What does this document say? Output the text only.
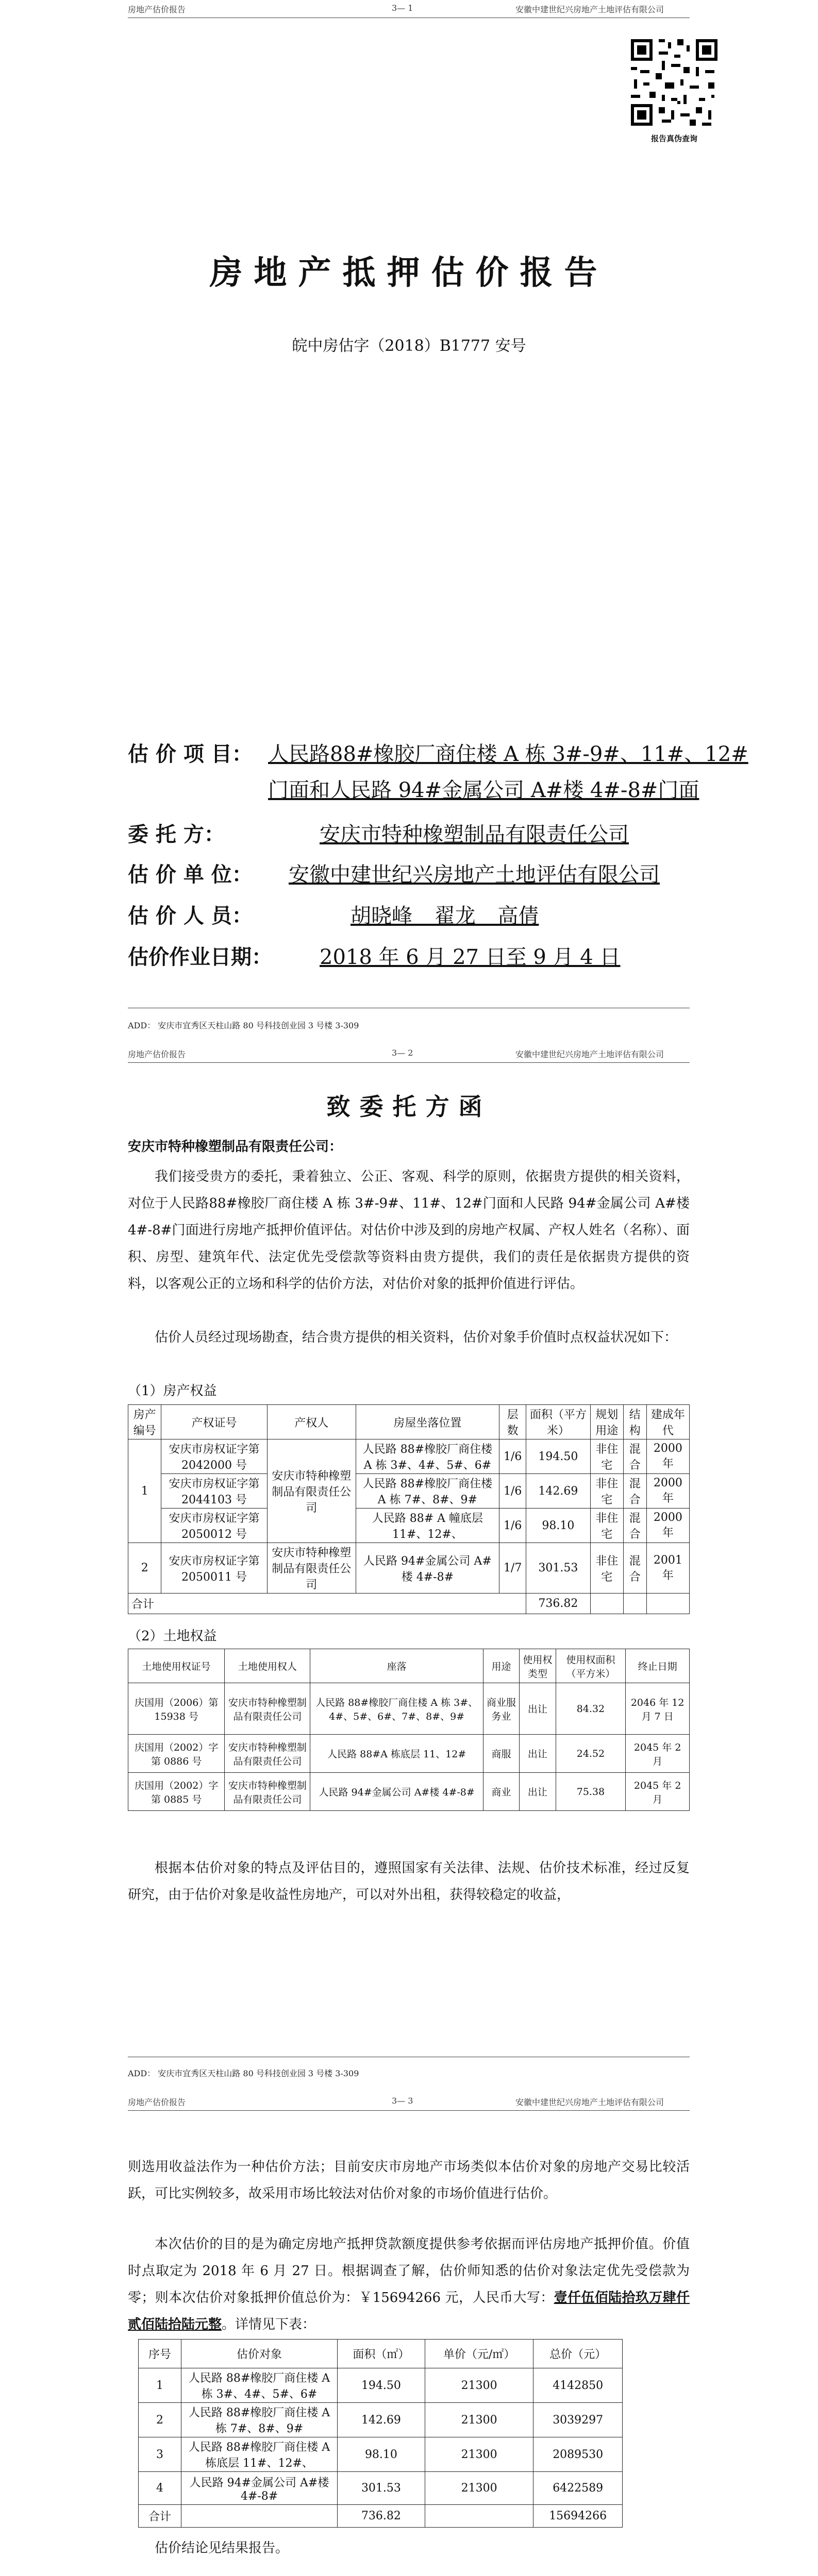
房地产估价报告	3— 1	安徽中建世纪兴房地产土地评估有限公司
报告真伪查询
房地产抵押估价报告
皖中房估字（2018）B1777 安号
估 价 项 目： 人民路88#橡胶厂商住楼 A 栋 3#-9#、11#、12#
门面和人民路 94#金属公司 A#楼 4#-8#门面
委 托 方：	安庆市特种橡塑制品有限责任公司
估 价 单 位： 安徽中建世纪兴房地产土地评估有限公司
估 价 人 员：	胡晓峰 翟龙 高倩
估价作业日期： 2018 年 6 月 27 日至 9 月 4 日
ADD： 安庆市宜秀区天柱山路 80 号科技创业园 3 号楼 3-309
房地产估价报告	3— 2	安徽中建世纪兴房地产土地评估有限公司
致委托方函
安庆市特种橡塑制品有限责任公司：
我们接受贵方的委托，秉着独立、公正、客观、科学的原则，依据贵方提供的相关资料，对位于人民路88#橡胶厂商住楼 A 栋 3#-9#、11#、12#门面和人民路 94#金属公司 A#楼 4#-8#门面进行房地产抵押价值评估。对估价中涉及到的房地产权属、产权人姓名（名称）、面积、房型、建筑年代、法定优先受偿款等资料由贵方提供，我们的责任是依据贵方提供的资料，以客观公正的立场和科学的估价方法，对估价对象的抵押价值进行评估。
估价人员经过现场勘查，结合贵方提供的相关资料，估价对象手价值时点权益状况如下：
（1）房产权益
房产编号	产权证号	产权人	房屋坐落位置	层数	面积（平方米）	规划用途	结构	建成年代
1	安庆市房权证字第 2042000 号	安庆市特种橡塑制品有限责任公司	人民路 88#橡胶厂商住楼 A 栋 3#、4#、5#、6#	1/6	194.50	非住宅	混合	2000 年
	安庆市房权证字第 2044103 号		人民路 88#橡胶厂商住楼 A 栋 7#、8#、9#	1/6	142.69	非住宅	混合	2000 年
	安庆市房权证字第 2050012 号		人民路 88# A 幢底层 11#、12#、	1/6	98.10	非住宅	混合	2000 年
2	安庆市房权证字第 2050011 号	安庆市特种橡塑制品有限责任公司	人民路 94#金属公司 A#楼 4#-8#	1/7	301.53	非住宅	混合	2001 年
合计					736.82			
（2）土地权益
土地使用权证号	土地使用权人	座落	用途	使用权类型	使用权面积（平方米）	终止日期
庆国用（2006）第 15938 号	安庆市特种橡塑制品有限责任公司	人民路 88#橡胶厂商住楼 A 栋 3#、4#、5#、6#、7#、8#、9#	商业服务业	出让	84.32	2046 年 12 月 7 日
庆国用（2002）字第 0886 号	安庆市特种橡塑制品有限责任公司	人民路 88#A 栋底层 11、12#	商服	出让	24.52	2045 年 2 月
庆国用（2002）字第 0885 号	安庆市特种橡塑制品有限责任公司	人民路 94#金属公司 A#楼 4#-8#	商业	出让	75.38	2045 年 2 月
根据本估价对象的特点及评估目的，遵照国家有关法律、法规、估价技术标准，经过反复研究，由于估价对象是收益性房地产，可以对外出租，获得较稳定的收益，
ADD： 安庆市宜秀区天柱山路 80 号科技创业园 3 号楼 3-309
房地产估价报告	3— 3	安徽中建世纪兴房地产土地评估有限公司
则选用收益法作为一种估价方法；目前安庆市房地产市场类似本估价对象的房地产交易比较活跃，可比实例较多，故采用市场比较法对估价对象的市场价值进行估价。
本次估价的目的是为确定房地产抵押贷款额度提供参考依据而评估房地产抵押价值。价值时点取定为 2018 年 6 月 27 日。根据调查了解，估价师知悉的估价对象法定优先受偿款为零；则本次估价对象抵押价值总价为：￥15694266 元，人民币大写：壹仟伍佰陆拾玖万肆仟贰佰陆拾陆元整。详情见下表：
序号	估价对象	面积（㎡）	单价（元/㎡）	总价（元）
1	人民路 88#橡胶厂商住楼 A 栋 3#、4#、5#、6#	194.50	21300	4142850
2	人民路 88#橡胶厂商住楼 A 栋 7#、8#、9#	142.69	21300	3039297
3	人民路 88#橡胶厂商住楼 A 栋底层 11#、12#、	98.10	21300	2089530
4	人民路 94#金属公司 A#楼 4#-8#	301.53	21300	6422589
合计		736.82		15694266
估价结论见结果报告。
